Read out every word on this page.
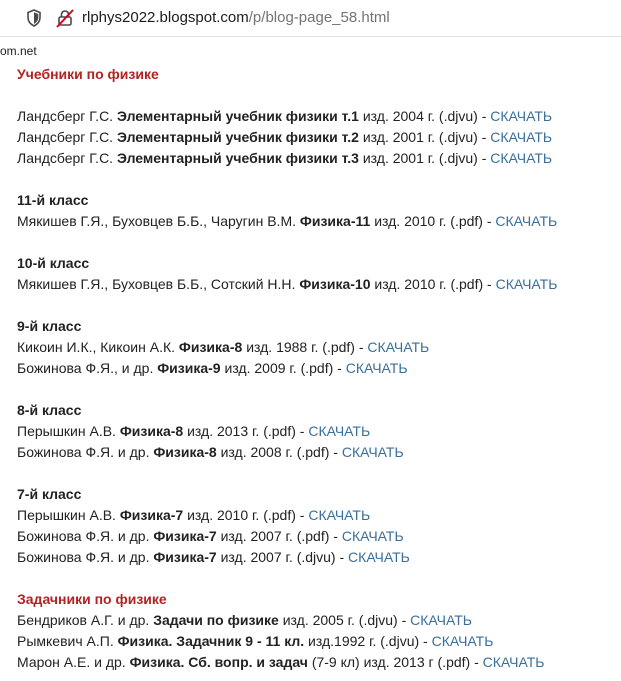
rlphys2022.blogspot.com/p/blog-page_58.html
om.net
Учебники по физике
Ландсберг Г.С. Элементарный учебник физики т.1 изд. 2004 г. (.djvu) - СКАЧАТЬ
Ландсберг Г.С. Элементарный учебник физики т.2 изд. 2001 г. (.djvu) - СКАЧАТЬ
Ландсберг Г.С. Элементарный учебник физики т.3 изд. 2001 г. (.djvu) - СКАЧАТЬ
11-й класс
Мякишев Г.Я., Буховцев Б.Б., Чаругин В.М. Физика-11 изд. 2010 г. (.pdf) - СКАЧАТЬ
10-й класс
Мякишев Г.Я., Буховцев Б.Б., Сотский Н.Н. Физика-10 изд. 2010 г. (.pdf) - СКАЧАТЬ
9-й класс
Кикоин И.К., Кикоин А.К. Физика-8 изд. 1988 г. (.pdf) - СКАЧАТЬ
Божинова Ф.Я., и др. Физика-9 изд. 2009 г. (.pdf) - СКАЧАТЬ
8-й класс
Перышкин А.В. Физика-8 изд. 2013 г. (.pdf) - СКАЧАТЬ
Божинова Ф.Я. и др. Физика-8 изд. 2008 г. (.pdf) - СКАЧАТЬ
7-й класс
Перышкин А.В. Физика-7 изд. 2010 г. (.pdf) - СКАЧАТЬ
Божинова Ф.Я. и др. Физика-7 изд. 2007 г. (.pdf) - СКАЧАТЬ
Божинова Ф.Я. и др. Физика-7 изд. 2007 г. (.djvu) - СКАЧАТЬ
Задачники по физике
Бендриков А.Г. и др. Задачи по физике изд. 2005 г. (.djvu) - СКАЧАТЬ
Рымкевич А.П. Физика. Задачник 9 - 11 кл. изд.1992 г. (.djvu) - СКАЧАТЬ
Марон А.Е. и др. Физика. Сб. вопр. и задач (7-9 кл) изд. 2013 г (.pdf) - СКАЧАТЬ
